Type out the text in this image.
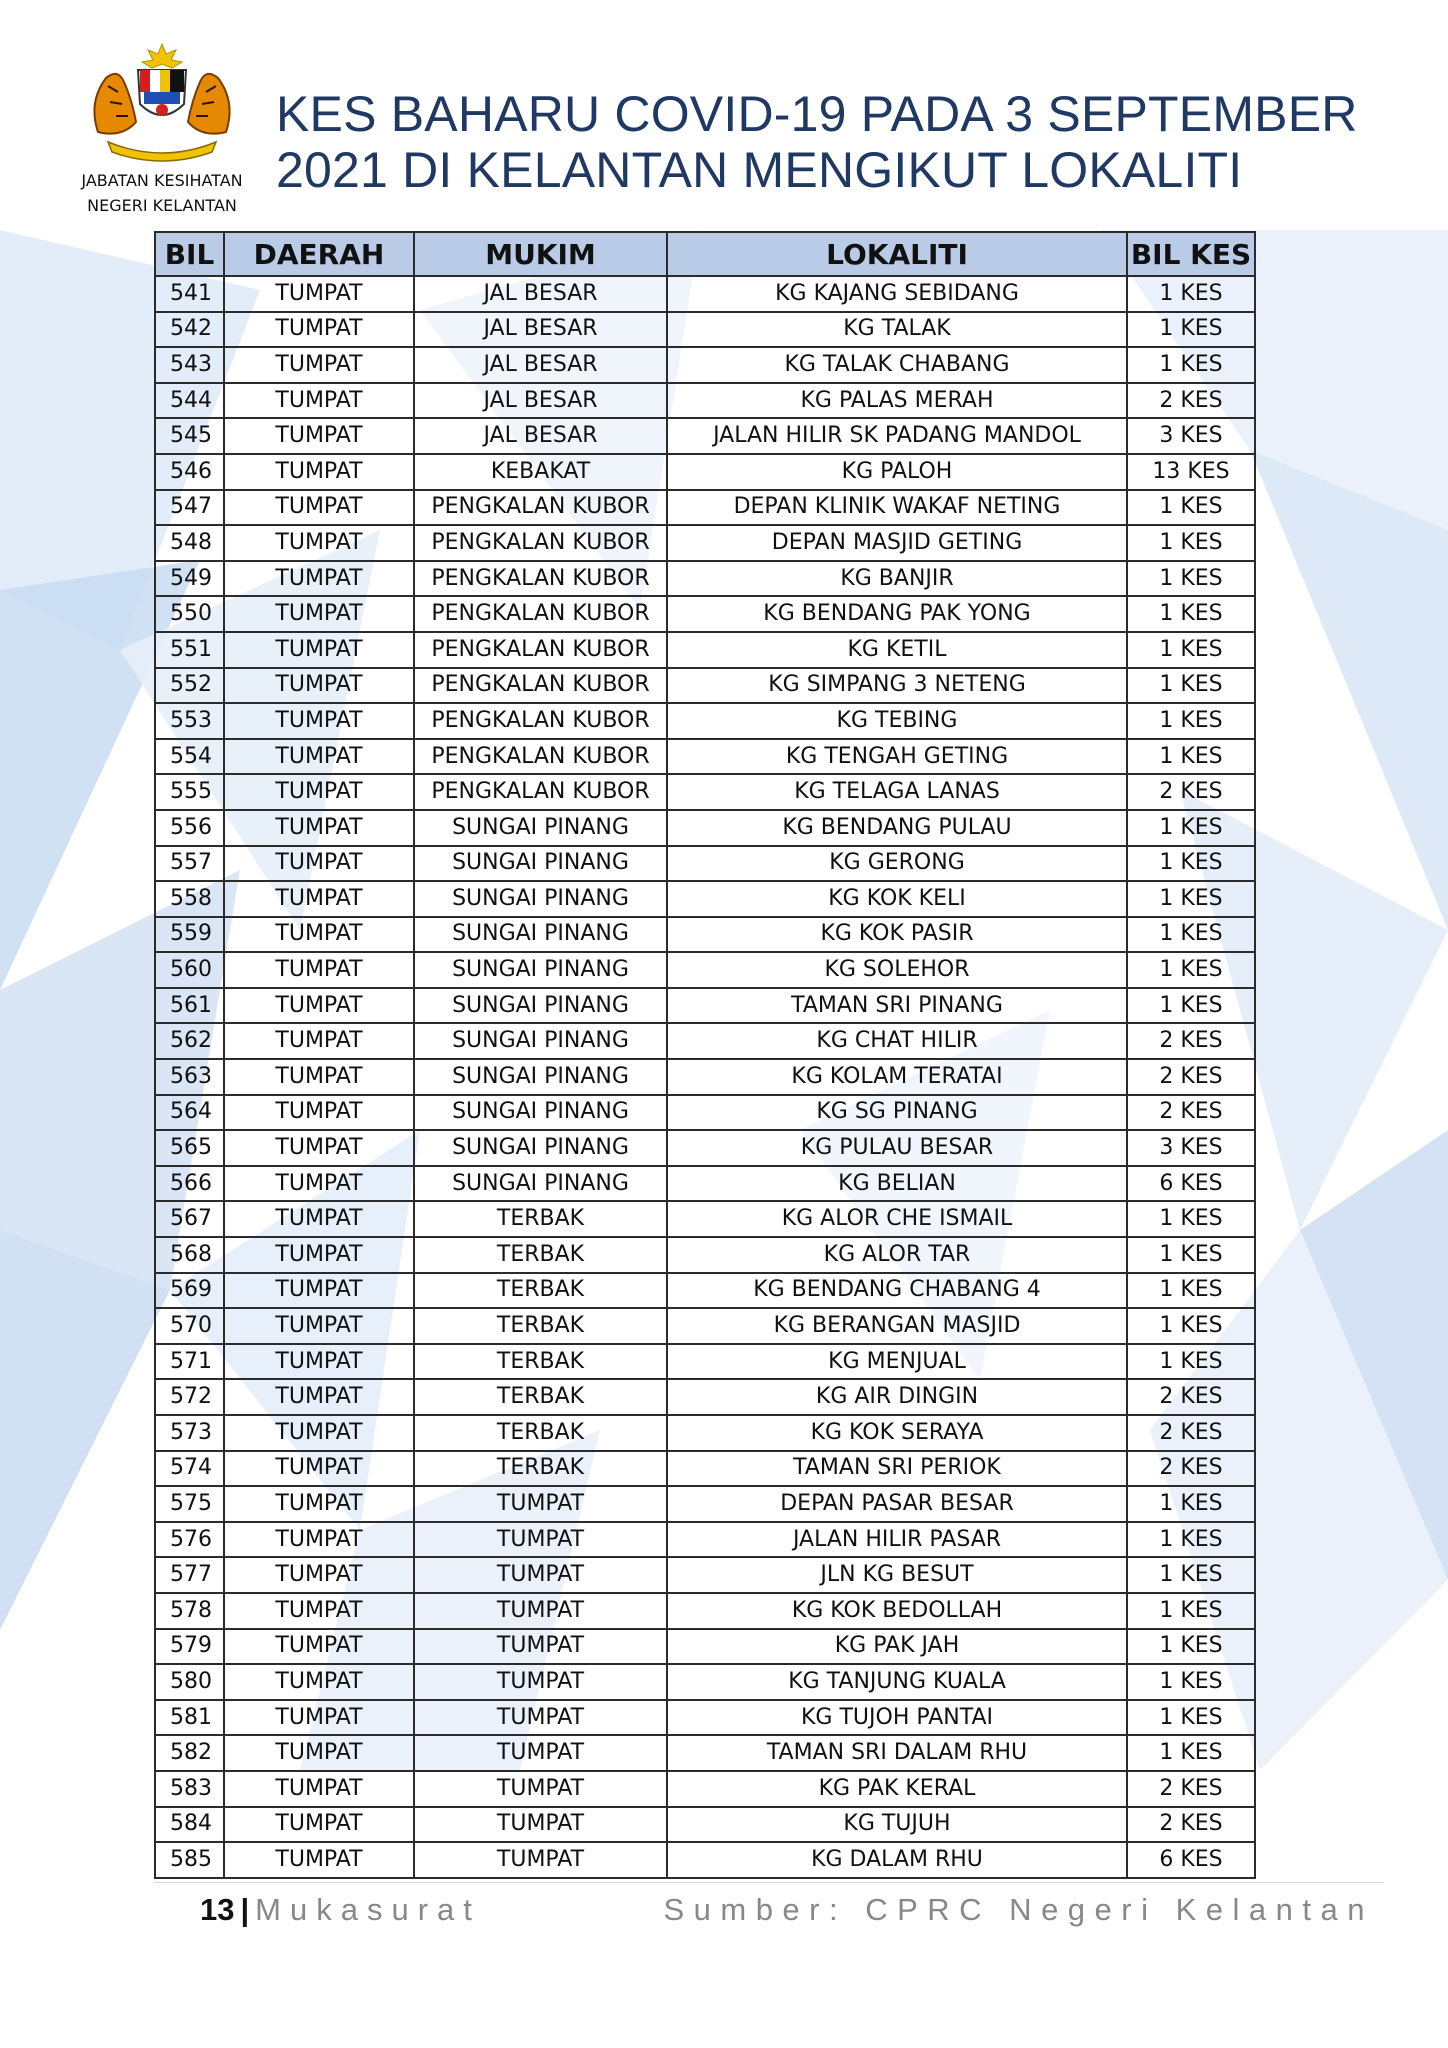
JABATAN KESIHATAN
NEGERI KELANTAN
KES BAHARU COVID-19 PADA 3 SEPTEMBER
2021 DI KELANTAN MENGIKUT LOKALITI
BIL	DAERAH	MUKIM	LOKALITI	BIL KES
541	TUMPAT	JAL BESAR	KG KAJANG SEBIDANG	1 KES
542	TUMPAT	JAL BESAR	KG TALAK	1 KES
543	TUMPAT	JAL BESAR	KG TALAK CHABANG	1 KES
544	TUMPAT	JAL BESAR	KG PALAS MERAH	2 KES
545	TUMPAT	JAL BESAR	JALAN HILIR SK PADANG MANDOL	3 KES
546	TUMPAT	KEBAKAT	KG PALOH	13 KES
547	TUMPAT	PENGKALAN KUBOR	DEPAN KLINIK WAKAF NETING	1 KES
548	TUMPAT	PENGKALAN KUBOR	DEPAN MASJID GETING	1 KES
549	TUMPAT	PENGKALAN KUBOR	KG BANJIR	1 KES
550	TUMPAT	PENGKALAN KUBOR	KG BENDANG PAK YONG	1 KES
551	TUMPAT	PENGKALAN KUBOR	KG KETIL	1 KES
552	TUMPAT	PENGKALAN KUBOR	KG SIMPANG 3 NETENG	1 KES
553	TUMPAT	PENGKALAN KUBOR	KG TEBING	1 KES
554	TUMPAT	PENGKALAN KUBOR	KG TENGAH GETING	1 KES
555	TUMPAT	PENGKALAN KUBOR	KG TELAGA LANAS	2 KES
556	TUMPAT	SUNGAI PINANG	KG BENDANG PULAU	1 KES
557	TUMPAT	SUNGAI PINANG	KG GERONG	1 KES
558	TUMPAT	SUNGAI PINANG	KG KOK KELI	1 KES
559	TUMPAT	SUNGAI PINANG	KG KOK PASIR	1 KES
560	TUMPAT	SUNGAI PINANG	KG SOLEHOR	1 KES
561	TUMPAT	SUNGAI PINANG	TAMAN SRI PINANG	1 KES
562	TUMPAT	SUNGAI PINANG	KG CHAT HILIR	2 KES
563	TUMPAT	SUNGAI PINANG	KG KOLAM TERATAI	2 KES
564	TUMPAT	SUNGAI PINANG	KG SG PINANG	2 KES
565	TUMPAT	SUNGAI PINANG	KG PULAU BESAR	3 KES
566	TUMPAT	SUNGAI PINANG	KG BELIAN	6 KES
567	TUMPAT	TERBAK	KG ALOR CHE ISMAIL	1 KES
568	TUMPAT	TERBAK	KG ALOR TAR	1 KES
569	TUMPAT	TERBAK	KG BENDANG CHABANG 4	1 KES
570	TUMPAT	TERBAK	KG BERANGAN MASJID	1 KES
571	TUMPAT	TERBAK	KG MENJUAL	1 KES
572	TUMPAT	TERBAK	KG AIR DINGIN	2 KES
573	TUMPAT	TERBAK	KG KOK SERAYA	2 KES
574	TUMPAT	TERBAK	TAMAN SRI PERIOK	2 KES
575	TUMPAT	TUMPAT	DEPAN PASAR BESAR	1 KES
576	TUMPAT	TUMPAT	JALAN HILIR PASAR	1 KES
577	TUMPAT	TUMPAT	JLN KG BESUT	1 KES
578	TUMPAT	TUMPAT	KG KOK BEDOLLAH	1 KES
579	TUMPAT	TUMPAT	KG PAK JAH	1 KES
580	TUMPAT	TUMPAT	KG TANJUNG KUALA	1 KES
581	TUMPAT	TUMPAT	KG TUJOH PANTAI	1 KES
582	TUMPAT	TUMPAT	TAMAN SRI DALAM RHU	1 KES
583	TUMPAT	TUMPAT	KG PAK KERAL	2 KES
584	TUMPAT	TUMPAT	KG TUJUH	2 KES
585	TUMPAT	TUMPAT	KG DALAM RHU	6 KES
13 | Mukasurat	Sumber: CPRC Negeri Kelantan
